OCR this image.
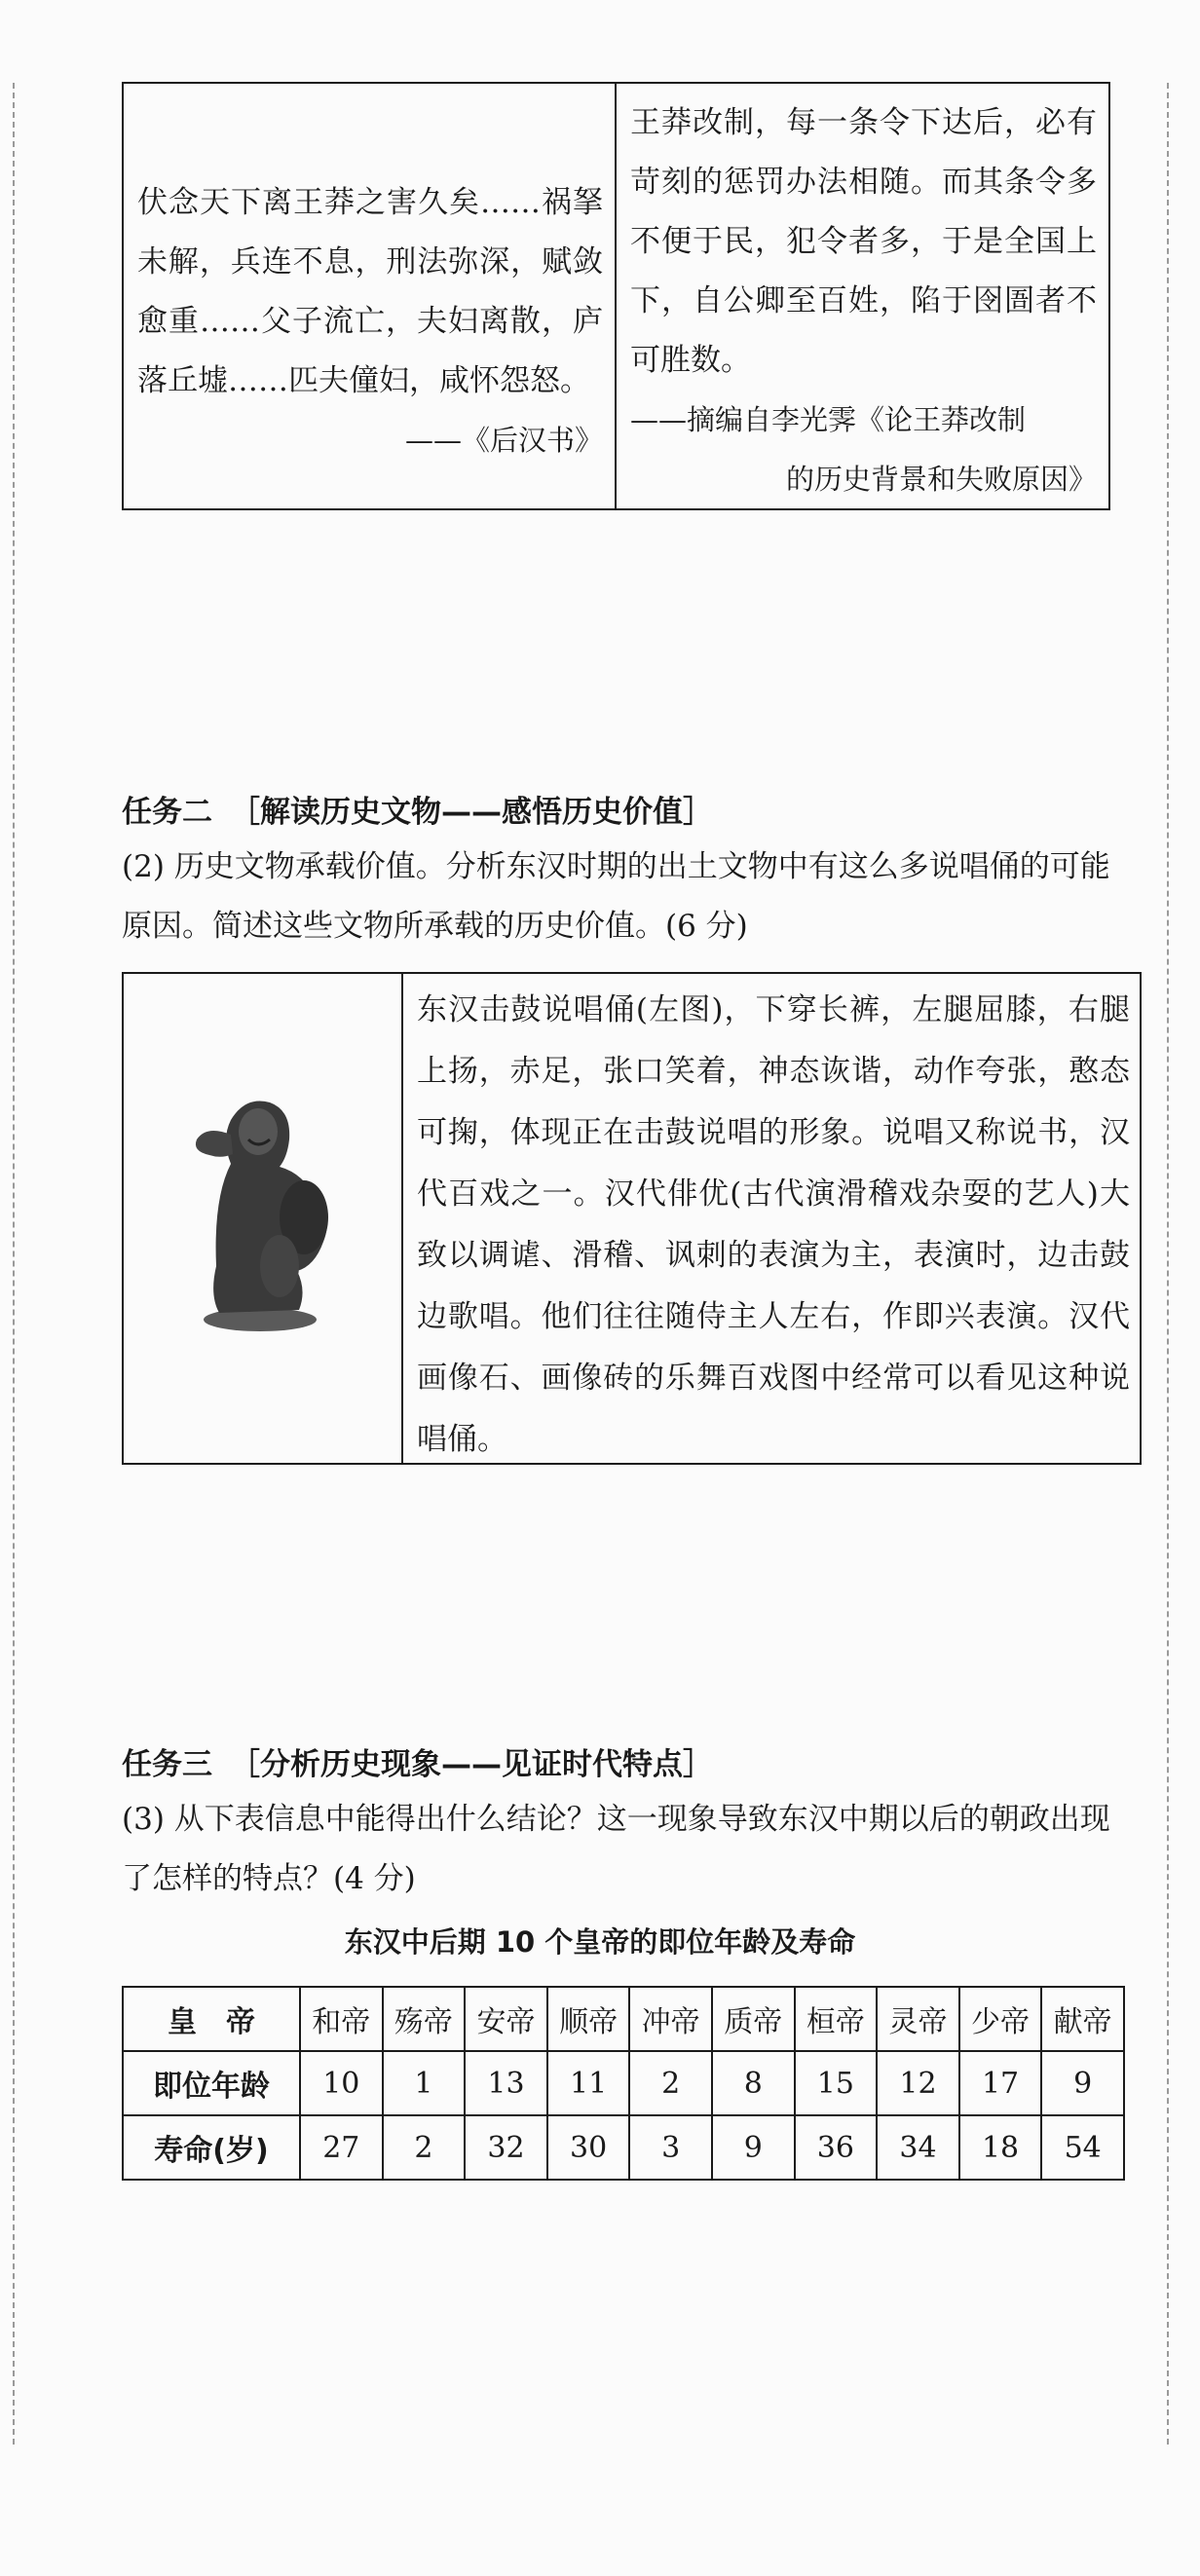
伏念天下离王莽之害久矣……祸拏未解，兵连不息，刑法弥深，赋敛愈重……父子流亡，夫妇离散，庐落丘墟……匹夫僮妇，咸怀怨怒。
——《后汉书》
王莽改制，每一条令下达后，必有苛刻的惩罚办法相随。而其条令多不便于民，犯令者多，于是全国上下，自公卿至百姓，陷于囹圄者不可胜数。
——摘编自李光霁《论王莽改制
的历史背景和失败原因》
任务二 ［解读历史文物——感悟历史价值］
(2) 历史文物承载价值。分析东汉时期的出土文物中有这么多说唱俑的可能原因。简述这些文物所承载的历史价值。(6 分)
东汉击鼓说唱俑(左图)，下穿长裤，左腿屈膝，右腿上扬，赤足，张口笑着，神态诙谐，动作夸张，憨态可掬，体现正在击鼓说唱的形象。说唱又称说书，汉代百戏之一。汉代俳优(古代演滑稽戏杂耍的艺人)大致以调谑、滑稽、讽刺的表演为主，表演时，边击鼓边歌唱。他们往往随侍主人左右，作即兴表演。汉代画像石、画像砖的乐舞百戏图中经常可以看见这种说唱俑。
任务三 ［分析历史现象——见证时代特点］
(3) 从下表信息中能得出什么结论？这一现象导致东汉中期以后的朝政出现了怎样的特点？(4 分)
东汉中后期 10 个皇帝的即位年龄及寿命
皇　帝	和帝	殇帝	安帝	顺帝	冲帝	质帝	桓帝	灵帝	少帝	献帝
即位年龄	10	1	13	11	2	8	15	12	17	9
寿命(岁)	27	2	32	30	3	9	36	34	18	54
